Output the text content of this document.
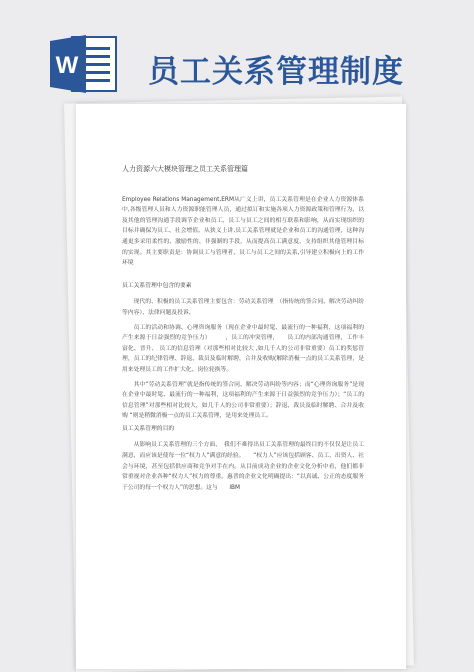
W 员工关系管理制度
人力资源六大模块管理之员工关系管理篇

Employee Relations Management,ERM从广义上讲，员工关系管理是在企业人力资源体系中,各级管理人员和人力资源职能管理人员，通过拟订和实施各项人力资源政策和管理行为，以及其他的管理沟通手段调节企业和员工、员工与员工之间的相互联系和影响，从而实现组织的目标并确保为员工、社会增值。从狭义上讲,员工关系管理就是企业和员工的沟通管理，这种沟通更多采用柔性的、激励性的、非强制的手段，从而提高员工满意度，支持组织其他管理目标的实现。其主要职责是：协调员工与管理者、员工与员工之间的关系,引导建立积极向上的工作环境

员工关系管理中包含的要素

现代的、积极的员工关系管理主要包含：劳动关系管理　（指传统的签合同、解决劳动纠纷等内容）、法律问题及投诉、

员工的活动和协调、心理咨询服务（现在企业中最时髦、最流行的一种福利，这项福利的产生来源于日益强烈的竞争压力）　　　，员工的冲突管理，　　员工的内部沟通管理，工作丰 富化、晋升、 员工的信息管理（对那些相对比较大 ,如几千人的公司非常重要）员工的奖惩管理，员工的纪律管理、辞退、裁员及临时解聘，合并及收购(解除消极一点的员工关系管理，是用来处理员工的工作扩大化、岗位轮换等。

其中“劳动关系管理”就是指传统的签合同、解决劳动纠纷等内容；而“心理咨询服务”是现在企业中最时髦、最流行的一种福利，这项福利的产生来源于日益强烈的竞争压力）；“员工的信息管理”对那些相对比较大，如几千人的公司非常重要）；辞退、裁员及临时解聘、合并及收购 “则是稍微消极一点的员工关系管理，是用来处理员工。

员工关系管理的目的

从影响员工关系管理的三个方面、　我们不难得出员工关系管理的最终目的不仅仅是让员工满意，而应该是使每一位“权力人”满意的经验。　　“权力人”应该包括顾客、员工、出资人、社会与环境，甚至包括供应商和竞争对手在内。从目前成功企业的企业文化分析中看，他们都非常重视对企业各种“权力人”权力的尊重。惠普的企业文化明确提出：“以真诚、公正的态度服务于公司的每一个权力人”的思想。这与　　IBM
